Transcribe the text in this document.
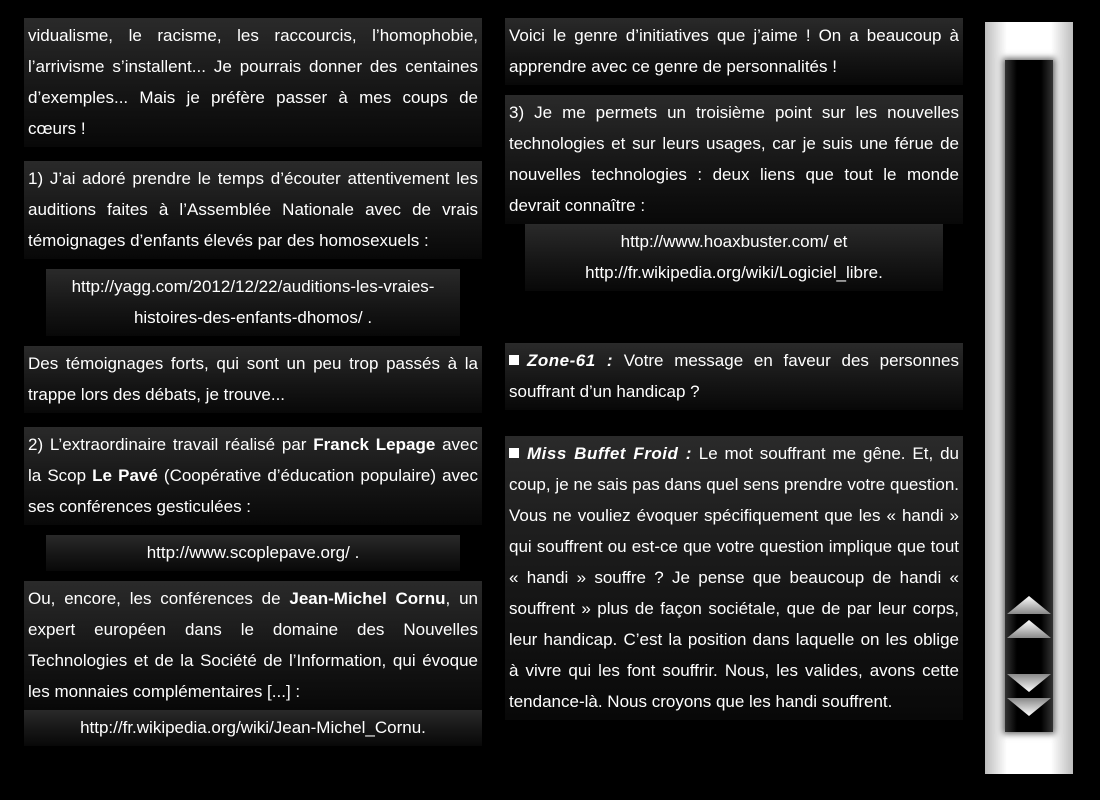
vidualisme, le racisme, les raccourcis, l’homophobie, l’arrivisme s’installent... Je pourrais donner des centaines d’exemples... Mais je préfère passer à mes coups de cœurs !

1) J’ai adoré prendre le temps d’écouter attentivement les auditions faites à l’Assemblée Nationale avec de vrais témoignages d’enfants élevés par des homosexuels :

http://yagg.com/2012/12/22/auditions-les-vraies-
histoires-des-enfants-dhomos/ .

Des témoignages forts, qui sont un peu trop passés à la trappe lors des débats, je trouve...

2) L’extraordinaire travail réalisé par Franck Lepage avec la Scop Le Pavé (Coopérative d’éducation populaire) avec ses conférences gesticulées :

http://www.scoplepave.org/ .

Ou, encore, les conférences de Jean-Michel Cornu, un expert européen dans le domaine des Nouvelles Technologies et de la Société de l’Information, qui évoque les monnaies complémentaires [...] :

http://fr.wikipedia.org/wiki/Jean-Michel_Cornu.

Voici le genre d’initiatives que j’aime ! On a beaucoup à apprendre avec ce genre de personnalités !

3) Je me permets un troisième point sur les nouvelles technologies et sur leurs usages, car je suis une férue de nouvelles technologies : deux liens que tout le monde devrait connaître :

http://www.hoaxbuster.com/ et
http://fr.wikipedia.org/wiki/Logiciel_libre.

Zone-61 : Votre message en faveur des personnes souffrant d’un handicap ?

Miss Buffet Froid : Le mot souffrant me gêne. Et, du coup, je ne sais pas dans quel sens prendre votre question. Vous ne vouliez évoquer spécifiquement que les « handi » qui souffrent ou est-ce que votre question implique que tout « handi » souffre ? Je pense que beaucoup de handi « souffrent » plus de façon sociétale, que de par leur corps, leur handicap. C’est la position dans laquelle on les oblige à vivre qui les font souffrir. Nous, les valides, avons cette tendance-là. Nous croyons que les handi souffrent.
